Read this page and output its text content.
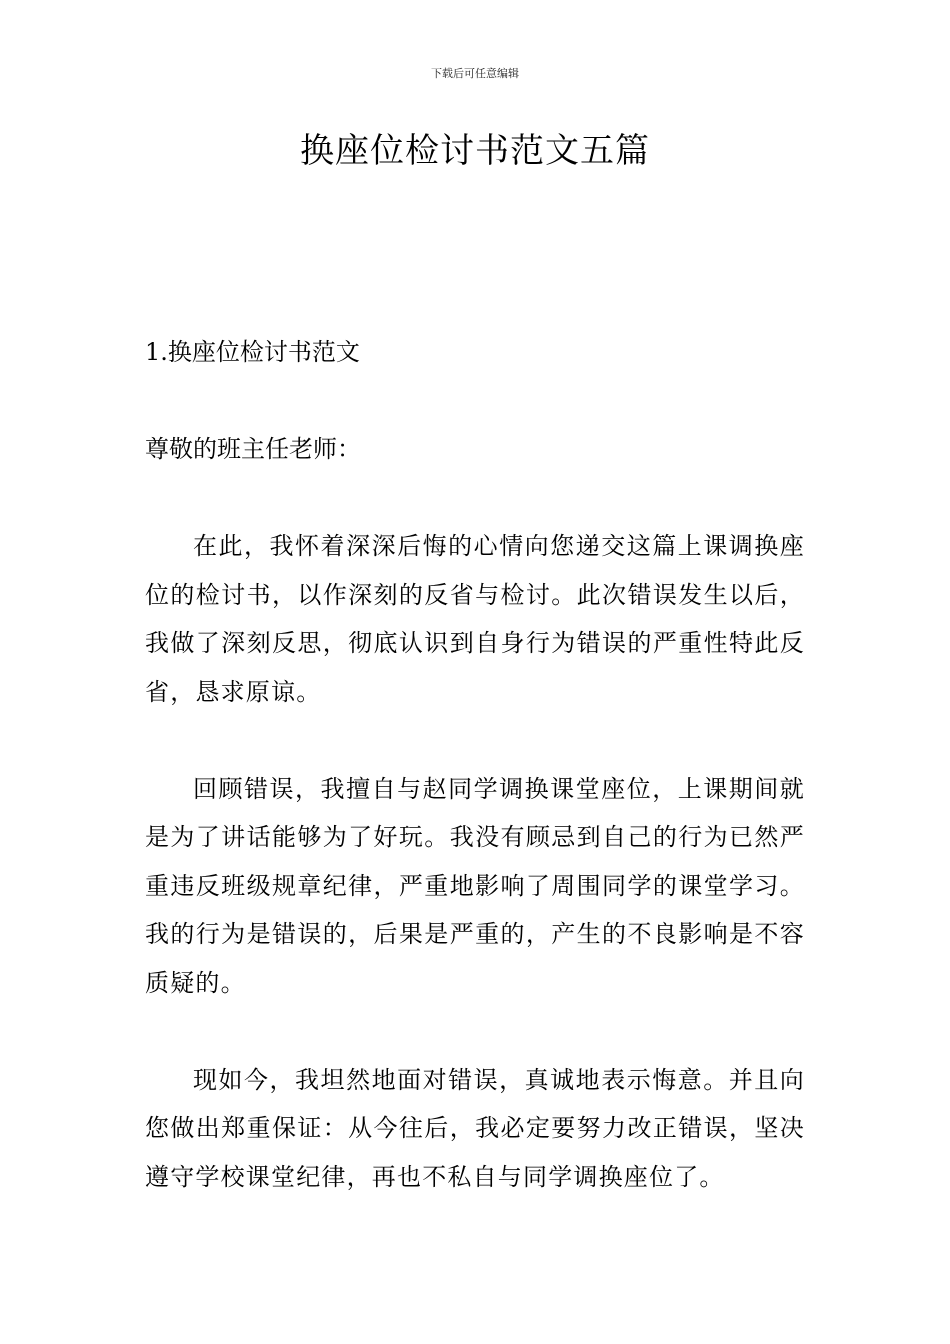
下载后可任意编辑
换座位检讨书范文五篇
1.换座位检讨书范文

尊敬的班主任老师：

在此，我怀着深深后悔的心情向您递交这篇上课调换座位的检讨书，以作深刻的反省与检讨。此次错误发生以后，我做了深刻反思，彻底认识到自身行为错误的严重性特此反省，恳求原谅。

回顾错误，我擅自与赵同学调换课堂座位，上课期间就是为了讲话能够为了好玩。我没有顾忌到自己的行为已然严重违反班级规章纪律，严重地影响了周围同学的课堂学习。我的行为是错误的，后果是严重的，产生的不良影响是不容质疑的。

现如今，我坦然地面对错误，真诚地表示悔意。并且向您做出郑重保证：从今往后，我必定要努力改正错误，坚决遵守学校课堂纪律，再也不私自与同学调换座位了。
